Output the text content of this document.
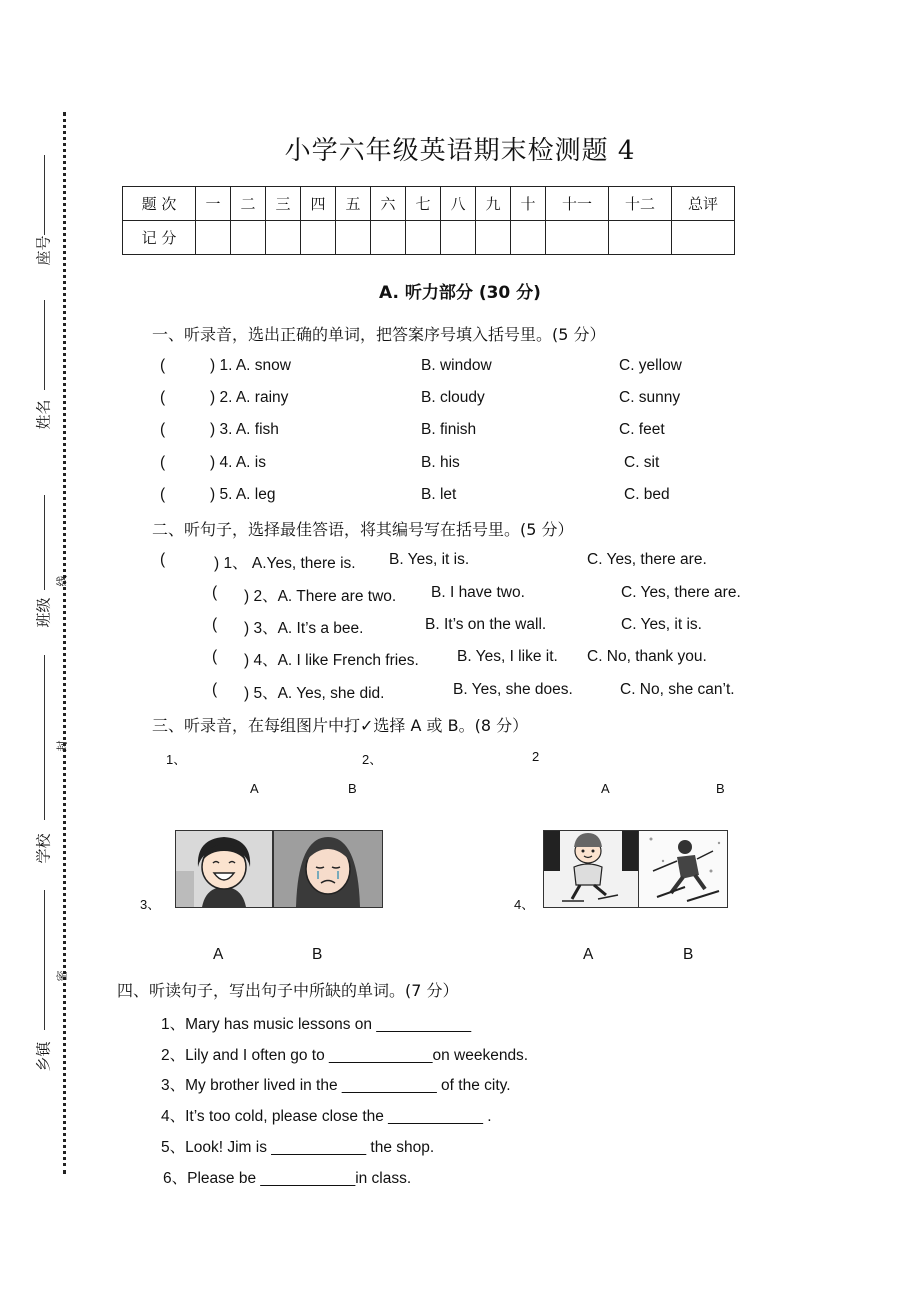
座号
姓名
班级
学校
乡镇
线
封
密
小学六年级英语期末检测题 4
题 次	一	二	三	四	五	六	七	八	九	十	十一	十二	总评
记 分													
A. 听力部分 (30 分)
一、听录音，选出正确的单词，把答案序号填入括号里。(5 分）
(	) 1. A. snow	B. window	C. yellow
(	) 2. A. rainy	B. cloudy	C. sunny
(	) 3. A. fish	B. finish	C. feet
(	) 4. A. is	B. his	C. sit
(	) 5. A. leg	B. let	C. bed
二、听句子，选择最佳答语，将其编号写在括号里。(5 分）
(	) 1、 A.Yes, there is. B. Yes, it is.	C. Yes, there are.
( ) 2、A. There are two. B. I have two.	C. Yes, there are.
( ) 3、A. It’s a bee.	B. It’s on the wall.	C. Yes, it is.
( ) 4、A. I like French fries. B. Yes, I like it. C. No, thank you.
( ) 5、A. Yes, she did.	B. Yes, she does.	C. No, she can’t.
三、听录音，在每组图片中打✓选择 A 或 B。(8 分）
1、	2、	2
A	B	A	B
3、	4、
A	B	A	B
四、听读句子，写出句子中所缺的单词。(7 分）
1、Mary has music lessons on ___________
2、Lily and I often go to ____________on weekends.
3、My brother lived in the ___________ of the city.
4、It’s too cold, please close the ___________ .
5、Look! Jim is ___________ the shop.
6、Please be ___________in class.
